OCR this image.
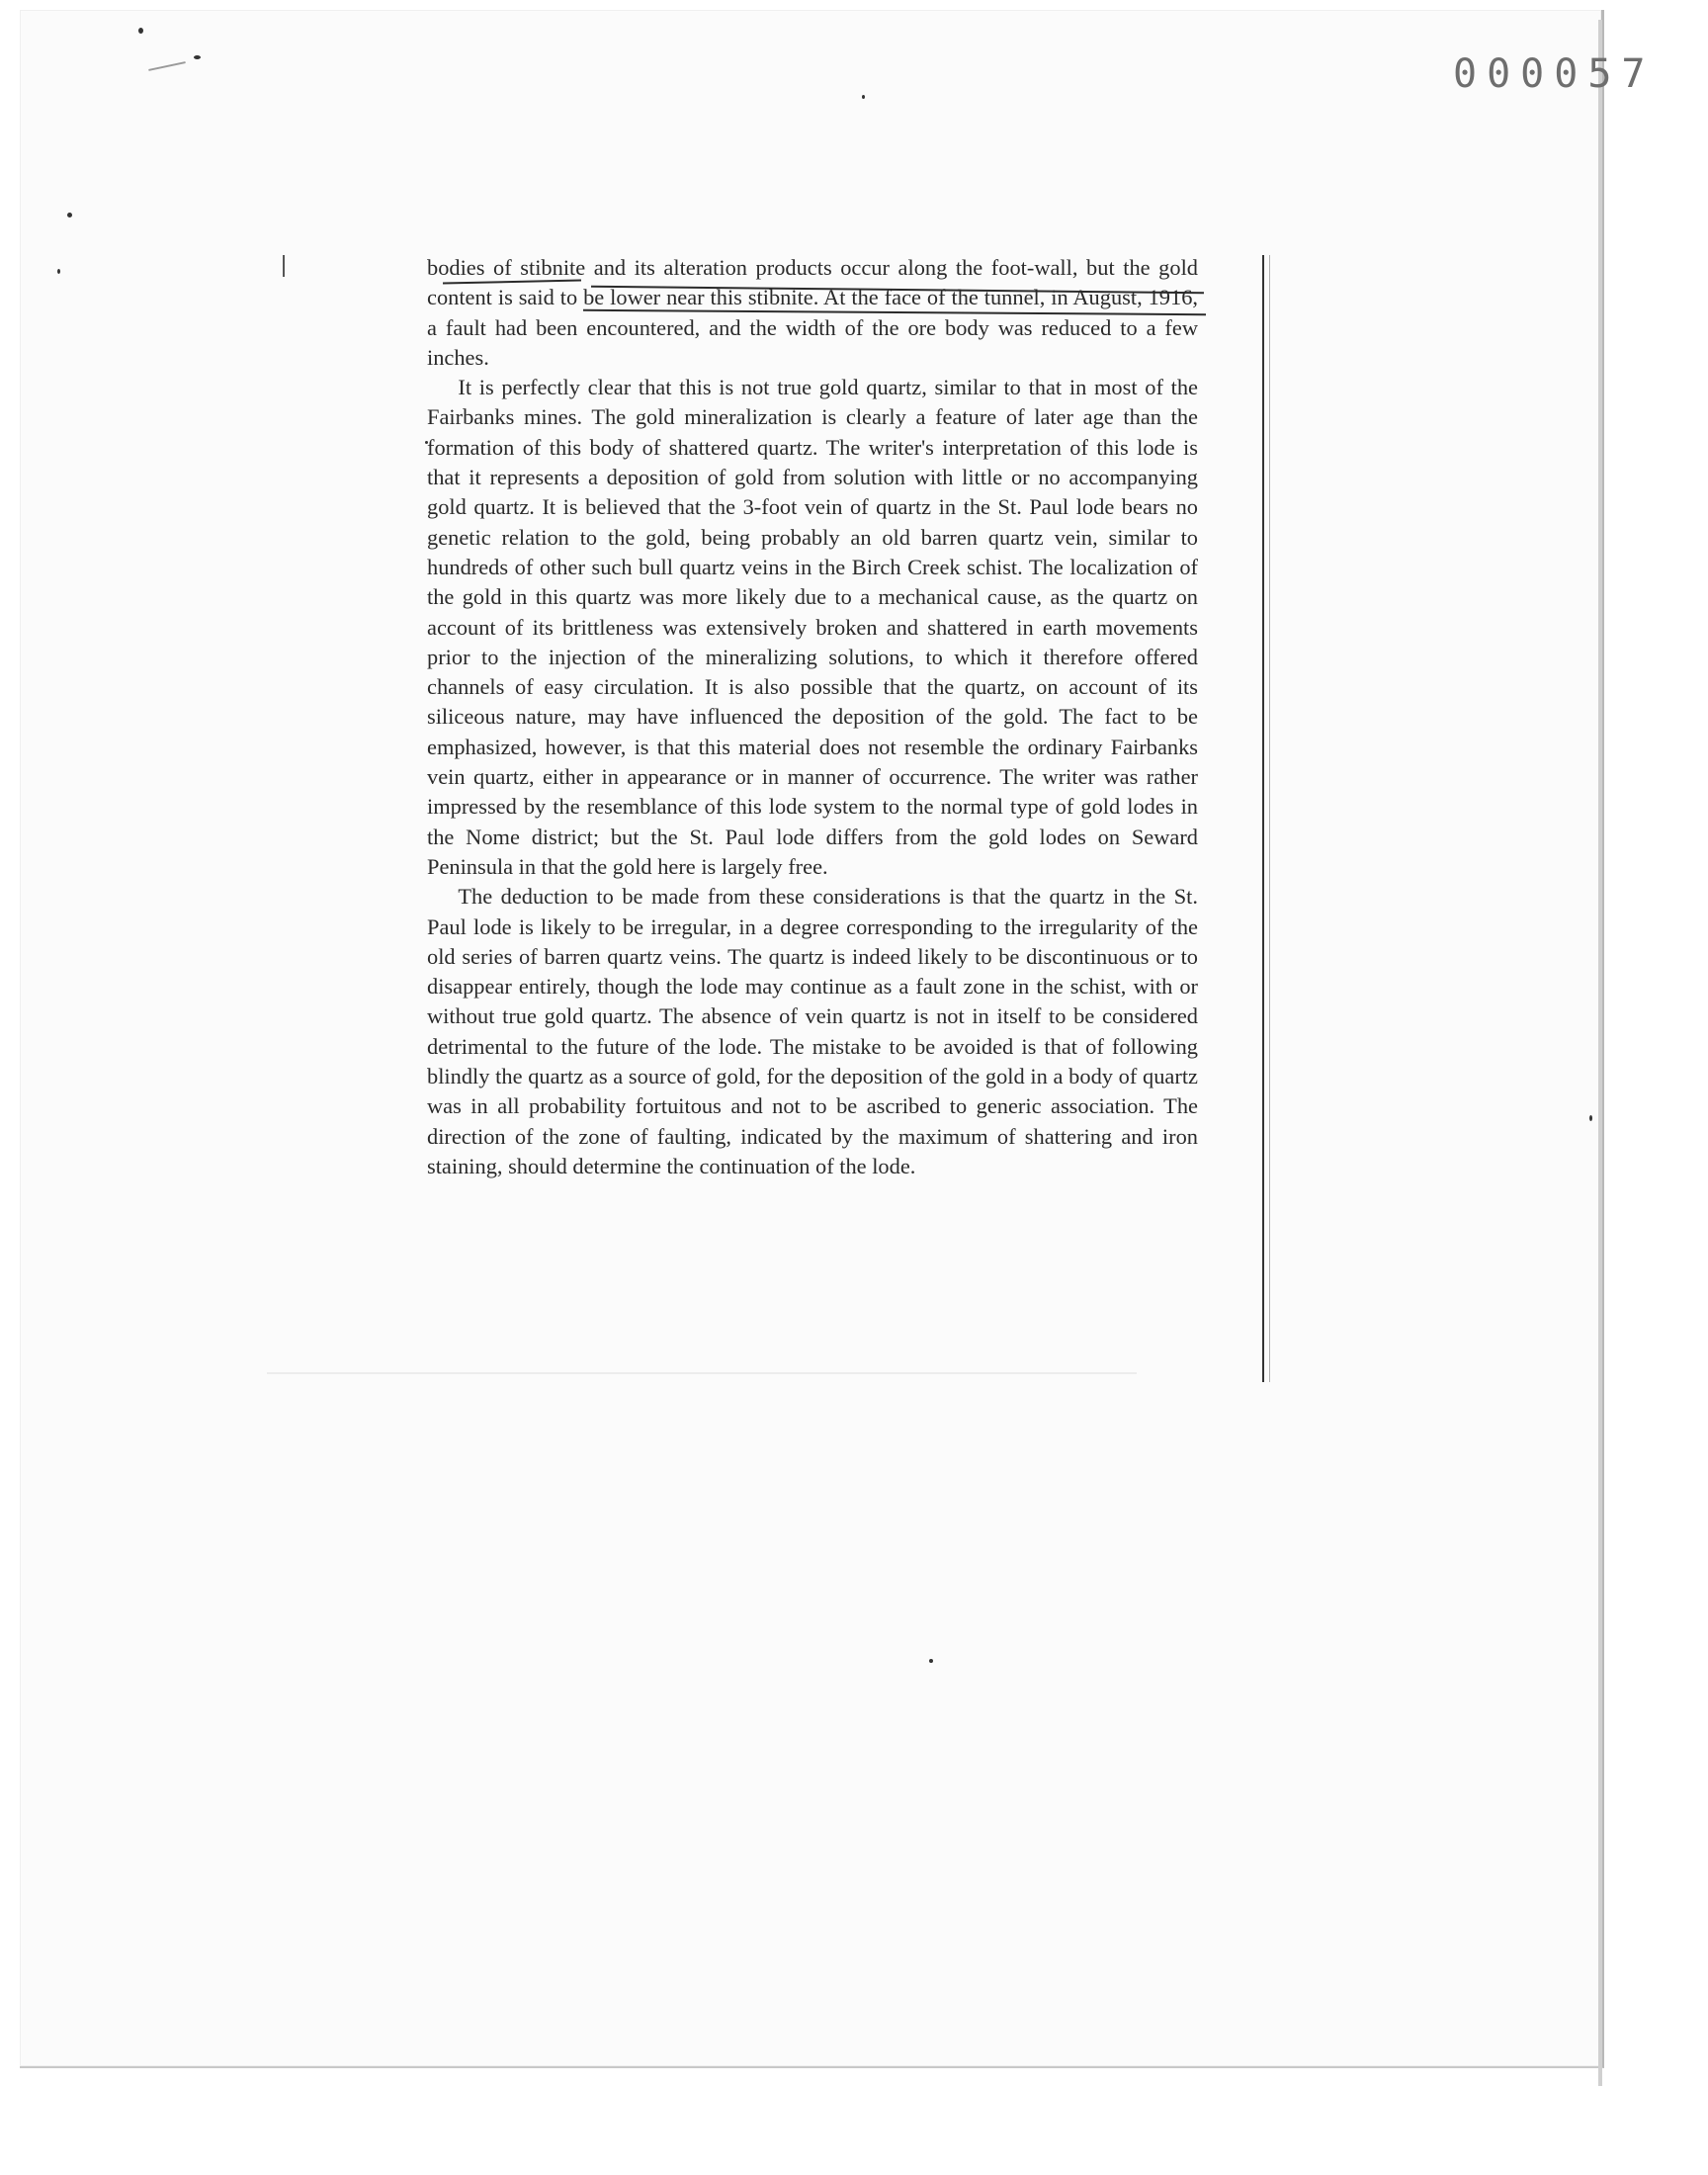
000057

bodies of stibnite and its alteration products occur along the foot-wall, but the gold content is said to be lower near this stibnite. At the face of the tunnel, in August, 1916, a fault had been encountered, and the width of the ore body was reduced to a few inches.

It is perfectly clear that this is not true gold quartz, similar to that in most of the Fairbanks mines. The gold mineralization is clearly a feature of later age than the formation of this body of shattered quartz. The writer's interpretation of this lode is that it represents a deposition of gold from solution with little or no accompanying gold quartz. It is believed that the 3-foot vein of quartz in the St. Paul lode bears no genetic relation to the gold, being probably an old barren quartz vein, similar to hundreds of other such bull quartz veins in the Birch Creek schist. The localization of the gold in this quartz was more likely due to a mechanical cause, as the quartz on account of its brittleness was extensively broken and shattered in earth movements prior to the injection of the mineralizing solutions, to which it therefore offered channels of easy circulation. It is also possible that the quartz, on account of its siliceous nature, may have influenced the deposition of the gold. The fact to be emphasized, however, is that this material does not resemble the ordinary Fairbanks vein quartz, either in appearance or in manner of occurrence. The writer was rather impressed by the resemblance of this lode system to the normal type of gold lodes in the Nome district; but the St. Paul lode differs from the gold lodes on Seward Peninsula in that the gold here is largely free.

The deduction to be made from these considerations is that the quartz in the St. Paul lode is likely to be irregular, in a degree corresponding to the irregularity of the old series of barren quartz veins. The quartz is indeed likely to be discontinuous or to disappear entirely, though the lode may continue as a fault zone in the schist, with or without true gold quartz. The absence of vein quartz is not in itself to be considered detrimental to the future of the lode. The mistake to be avoided is that of following blindly the quartz as a source of gold, for the deposition of the gold in a body of quartz was in all probability fortuitous and not to be ascribed to generic association. The direction of the zone of faulting, indicated by the maximum of shattering and iron staining, should determine the continuation of the lode.
